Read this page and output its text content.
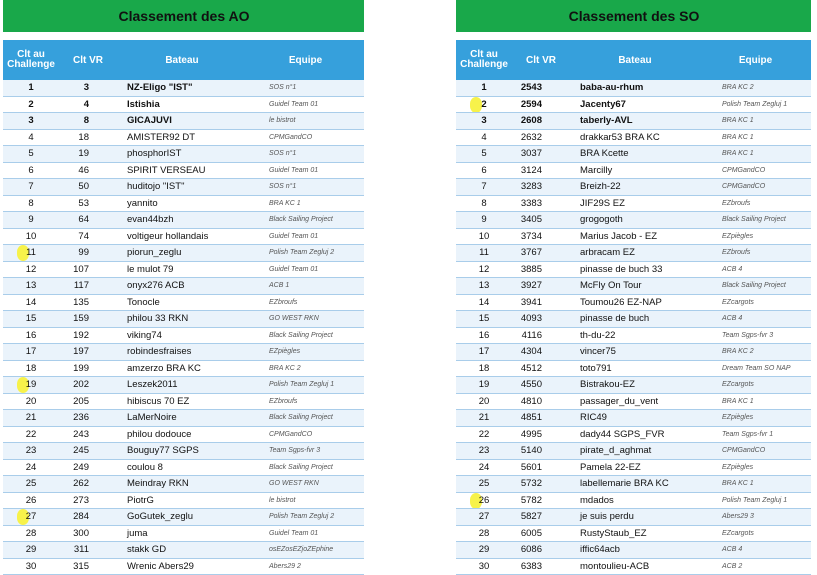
Classement des AO
Clt au
Challenge	Clt VR	Bateau	Equipe
1	3	NZ-Eligo "IST"	SOS n°1
2	4	Istishia	Guidel Team 01
3	8	GICAJUVI	le bistrot
4	18	AMISTER92 DT	CPMGandCO
5	19	phosphorIST	SOS n°1
6	46	SPIRIT VERSEAU	Guidel Team 01
7	50	huditojo "IST"	SOS n°1
8	53	yannito	BRA KC 1
9	64	evan44bzh	Black Sailing Project
10	74	voltigeur hollandais	Guidel Team 01

11	99	piorun_zeglu	Polish Team Zegluj 2
12	107	le mulot 79	Guidel Team 01
13	117	onyx276 ACB	ACB 1
14	135	Tonocle	EZbroufs
15	159	philou 33 RKN	GO WEST RKN
16	192	viking74	Black Sailing Project
17	197	robindesfraises	EZpiègles
18	199	amzerzo BRA KC	BRA KC 2

19	202	Leszek2011	Polish Team Zegluj 1
20	205	hibiscus 70 EZ	EZbroufs
21	236	LaMerNoire	Black Sailing Project
22	243	philou dodouce	CPMGandCO
23	245	Bouguy77 SGPS	Team Sgps-fvr 3
24	249	coulou 8	Black Sailing Project
25	262	Meindray RKN	GO WEST RKN
26	273	PiotrG	le bistrot

27	284	GoGutek_zeglu	Polish Team Zegluj 2
28	300	juma	Guidel Team 01
29	311	stakk GD	osEZosEZjoZEphine
30	315	Wrenic Abers29	Abers29 2
Classement des SO
Clt au
Challenge	Clt VR	Bateau	Equipe
1	2543	baba-au-rhum	BRA KC 2

2	2594	Jacenty67	Polish Team Zegluj 1
3	2608	taberly-AVL	BRA KC 1
4	2632	drakkar53 BRA KC	BRA KC 1
5	3037	BRA Kcette	BRA KC 1
6	3124	Marcilly	CPMGandCO
7	3283	Breizh-22	CPMGandCO
8	3383	JIF29S EZ	EZbroufs
9	3405	grogogoth	Black Sailing Project
10	3734	Marius Jacob - EZ	EZpiègles
11	3767	arbracam EZ	EZbroufs
12	3885	pinasse de buch 33	ACB 4
13	3927	McFly On Tour	Black Sailing Project
14	3941	Toumou26 EZ-NAP	EZcargots
15	4093	pinasse de buch	ACB 4
16	4116	th-du-22	Team Sgps-fvr 3
17	4304	vincer75	BRA KC 2
18	4512	toto791	Dream Team SO NAP
19	4550	Bistrakou-EZ	EZcargots
20	4810	passager_du_vent	BRA KC 1
21	4851	RIC49	EZpiègles
22	4995	dady44 SGPS_FVR	Team Sgps-fvr 1
23	5140	pirate_d_aghmat	CPMGandCO
24	5601	Pamela 22-EZ	EZpiègles
25	5732	labellemarie BRA KC	BRA KC 1

26	5782	mdados	Polish Team Zegluj 1
27	5827	je suis perdu	Abers29 3
28	6005	RustyStaub_EZ	EZcargots
29	6086	iffic64acb	ACB 4
30	6383	montoulieu-ACB	ACB 2
